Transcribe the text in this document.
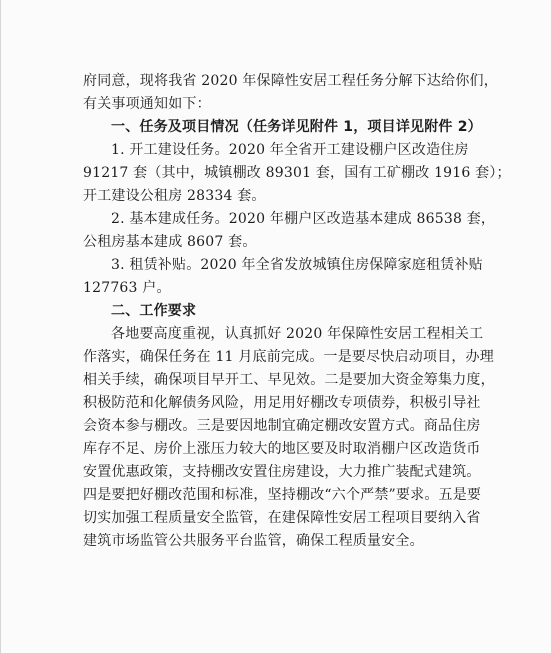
府同意，现将我省 2020 年保障性安居工程任务分解下达给你们，
有关事项通知如下：
一、任务及项目情况（任务详见附件 1，项目详见附件 2）
1. 开工建设任务。2020 年全省开工建设棚户区改造住房
91217 套（其中，城镇棚改 89301 套，国有工矿棚改 1916 套）；
开工建设公租房 28334 套。
2. 基本建成任务。2020 年棚户区改造基本建成 86538 套，
公租房基本建成 8607 套。
3. 租赁补贴。2020 年全省发放城镇住房保障家庭租赁补贴
127763 户。
二、工作要求
各地要高度重视，认真抓好 2020 年保障性安居工程相关工
作落实，确保任务在 11 月底前完成。一是要尽快启动项目，办理
相关手续，确保项目早开工、早见效。二是要加大资金筹集力度，
积极防范和化解债务风险，用足用好棚改专项债券，积极引导社
会资本参与棚改。三是要因地制宜确定棚改安置方式。商品住房
库存不足、房价上涨压力较大的地区要及时取消棚户区改造货币
安置优惠政策，支持棚改安置住房建设，大力推广装配式建筑。
四是要把好棚改范围和标准，坚持棚改“六个严禁”要求。五是要
切实加强工程质量安全监管，在建保障性安居工程项目要纳入省
建筑市场监管公共服务平台监管，确保工程质量安全。
